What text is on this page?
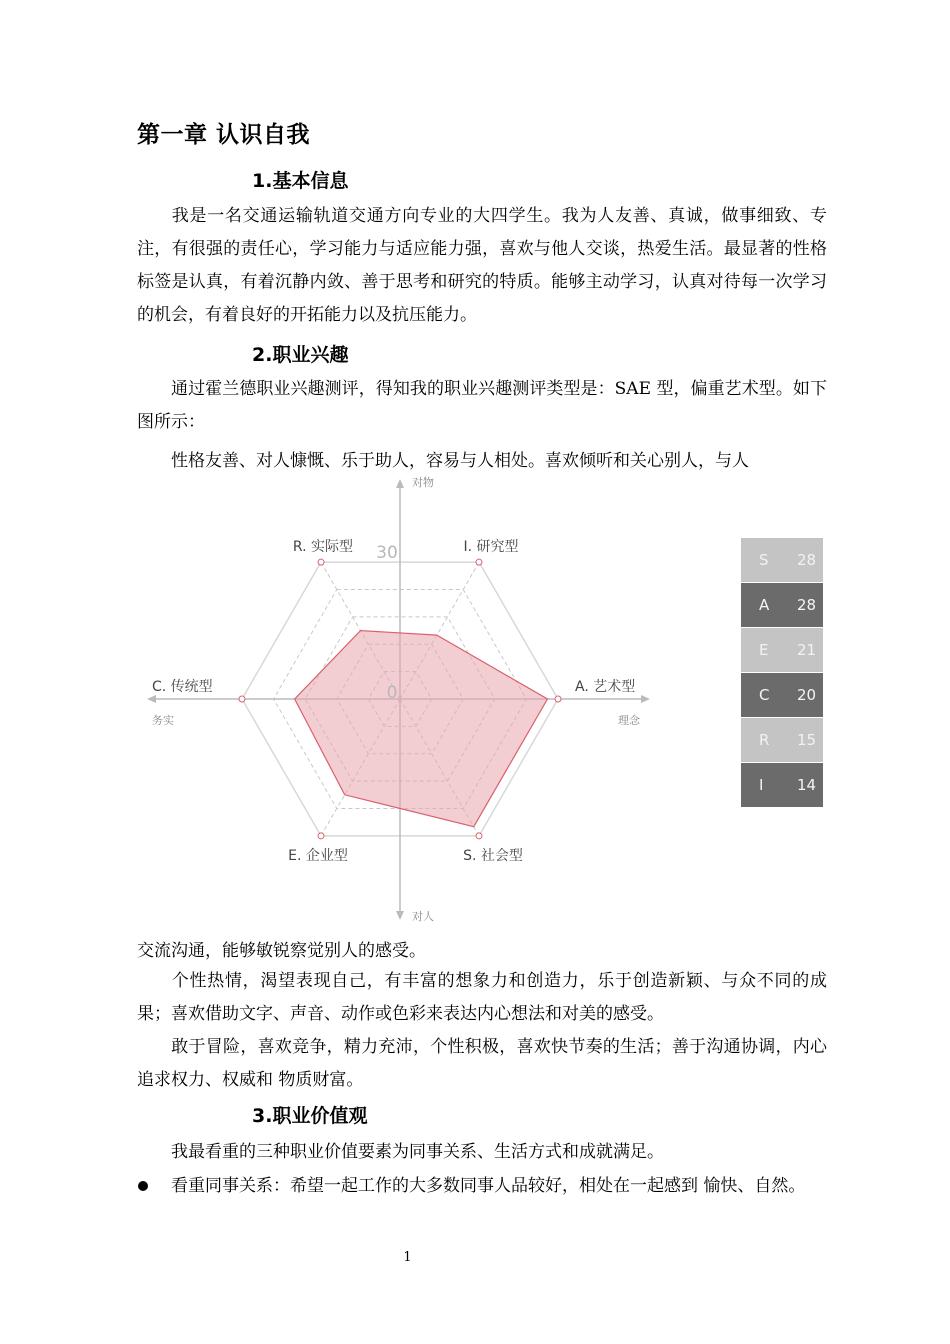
第一章 认识自我
1.基本信息
我是一名交通运输轨道交通方向专业的大四学生。我为人友善、真诚，做事细致、专注，有很强的责任心，学习能力与适应能力强，喜欢与他人交谈，热爱生活。最显著的性格标签是认真，有着沉静内敛、善于思考和研究的特质。能够主动学习，认真对待每一次学习的机会，有着良好的开拓能力以及抗压能力。
2.职业兴趣
通过霍兰德职业兴趣测评，得知我的职业兴趣测评类型是：SAE 型，偏重艺术型。如下图所示：
性格友善、对人慷慨、乐于助人，容易与人相处。喜欢倾听和关心别人，与人
R. 实际型	I. 研究型
A. 艺术型
S. 社会型
E. 企业型
C. 传统型
30
0
对物
对人
务实	理念
S	28
A	28
E	21
C	20
R	15
I	14
交流沟通，能够敏锐察觉别人的感受。
个性热情，渴望表现自己，有丰富的想象力和创造力，乐于创造新颖、与众不同的成果；喜欢借助文字、声音、动作或色彩来表达内心想法和对美的感受。
敢于冒险，喜欢竞争，精力充沛，个性积极，喜欢快节奏的生活；善于沟通协调，内心追求权力、权威和 物质财富。
3.职业价值观
我最看重的三种职业价值要素为同事关系、生活方式和成就满足。
看重同事关系：希望一起工作的大多数同事人品较好，相处在一起感到 愉快、自然。
1
